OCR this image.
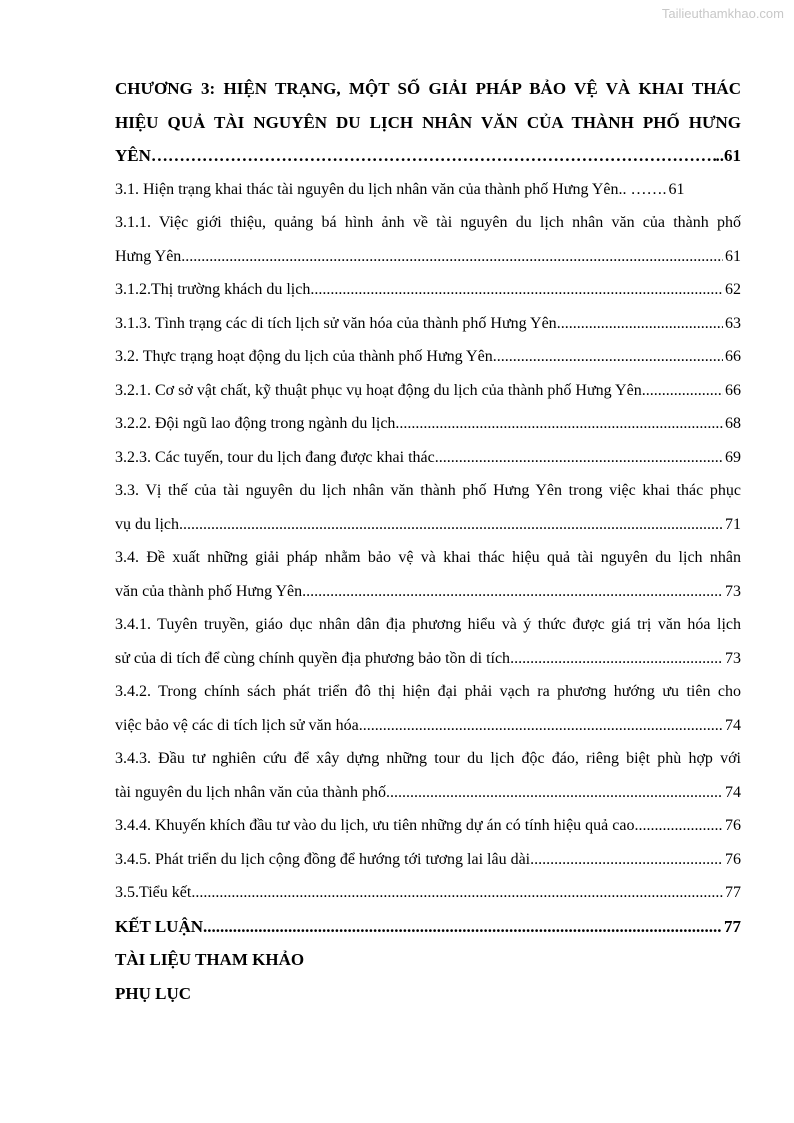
Tailieuthamkhao.com
CHƯƠNG 3: HIỆN TRẠNG, MỘT SỐ GIẢI PHÁP BẢO VỆ VÀ KHAI THÁC
HIỆU QUẢ TÀI NGUYÊN DU LỊCH NHÂN VĂN CỦA THÀNH PHỐ HƯNG
YÊN …………………………………………………………………………………………………………………………	..61
3.1. Hiện trạng khai thác tài nguyên du lịch nhân văn của thành phố Hưng Yên.. ……. 61
3.1.1. Việc giới thiệu, quảng bá hình ảnh về tài nguyên du lịch nhân văn của thành phố
Hưng Yên .....	61
3.1.2.Thị trường khách du lịch .....	62
3.1.3. Tình trạng các di tích lịch sử văn hóa của thành phố Hưng Yên .....	63
3.2. Thực trạng hoạt động du lịch của thành phố Hưng Yên .....	66
3.2.1. Cơ sở vật chất, kỹ thuật phục vụ hoạt động du lịch của thành phố Hưng Yên .....	66
3.2.2. Đội ngũ lao động trong ngành du lịch .....	68
3.2.3. Các tuyến, tour du lịch đang được khai thác .....	69
3.3. Vị thế của tài nguyên du lịch nhân văn thành phố Hưng Yên trong việc khai thác phục
vụ du lịch .....	71
3.4. Đề xuất những giải pháp nhằm bảo vệ và khai thác hiệu quả tài nguyên du lịch nhân
văn của thành phố Hưng Yên .....	73
3.4.1. Tuyên truyền, giáo dục nhân dân địa phương hiểu và ý thức được giá trị văn hóa lịch
sử của di tích để cùng chính quyền địa phương bảo tồn di tích .....	73
3.4.2. Trong chính sách phát triển đô thị hiện đại phải vạch ra phương hướng ưu tiên cho
việc bảo vệ các di tích lịch sử văn hóa .....	74
3.4.3. Đầu tư nghiên cứu để xây dựng những tour du lịch độc đáo, riêng biệt phù hợp với
tài nguyên du lịch nhân văn của thành phố .....	74
3.4.4. Khuyến khích đầu tư vào du lịch, ưu tiên những dự án có tính hiệu quả cao .....	76
3.4.5. Phát triển du lịch cộng đồng để hướng tới tương lai lâu dài .....	76
3.5.Tiểu kết .....	77
KẾT LUẬN .....	77
TÀI LIỆU THAM KHẢO
PHỤ LỤC
